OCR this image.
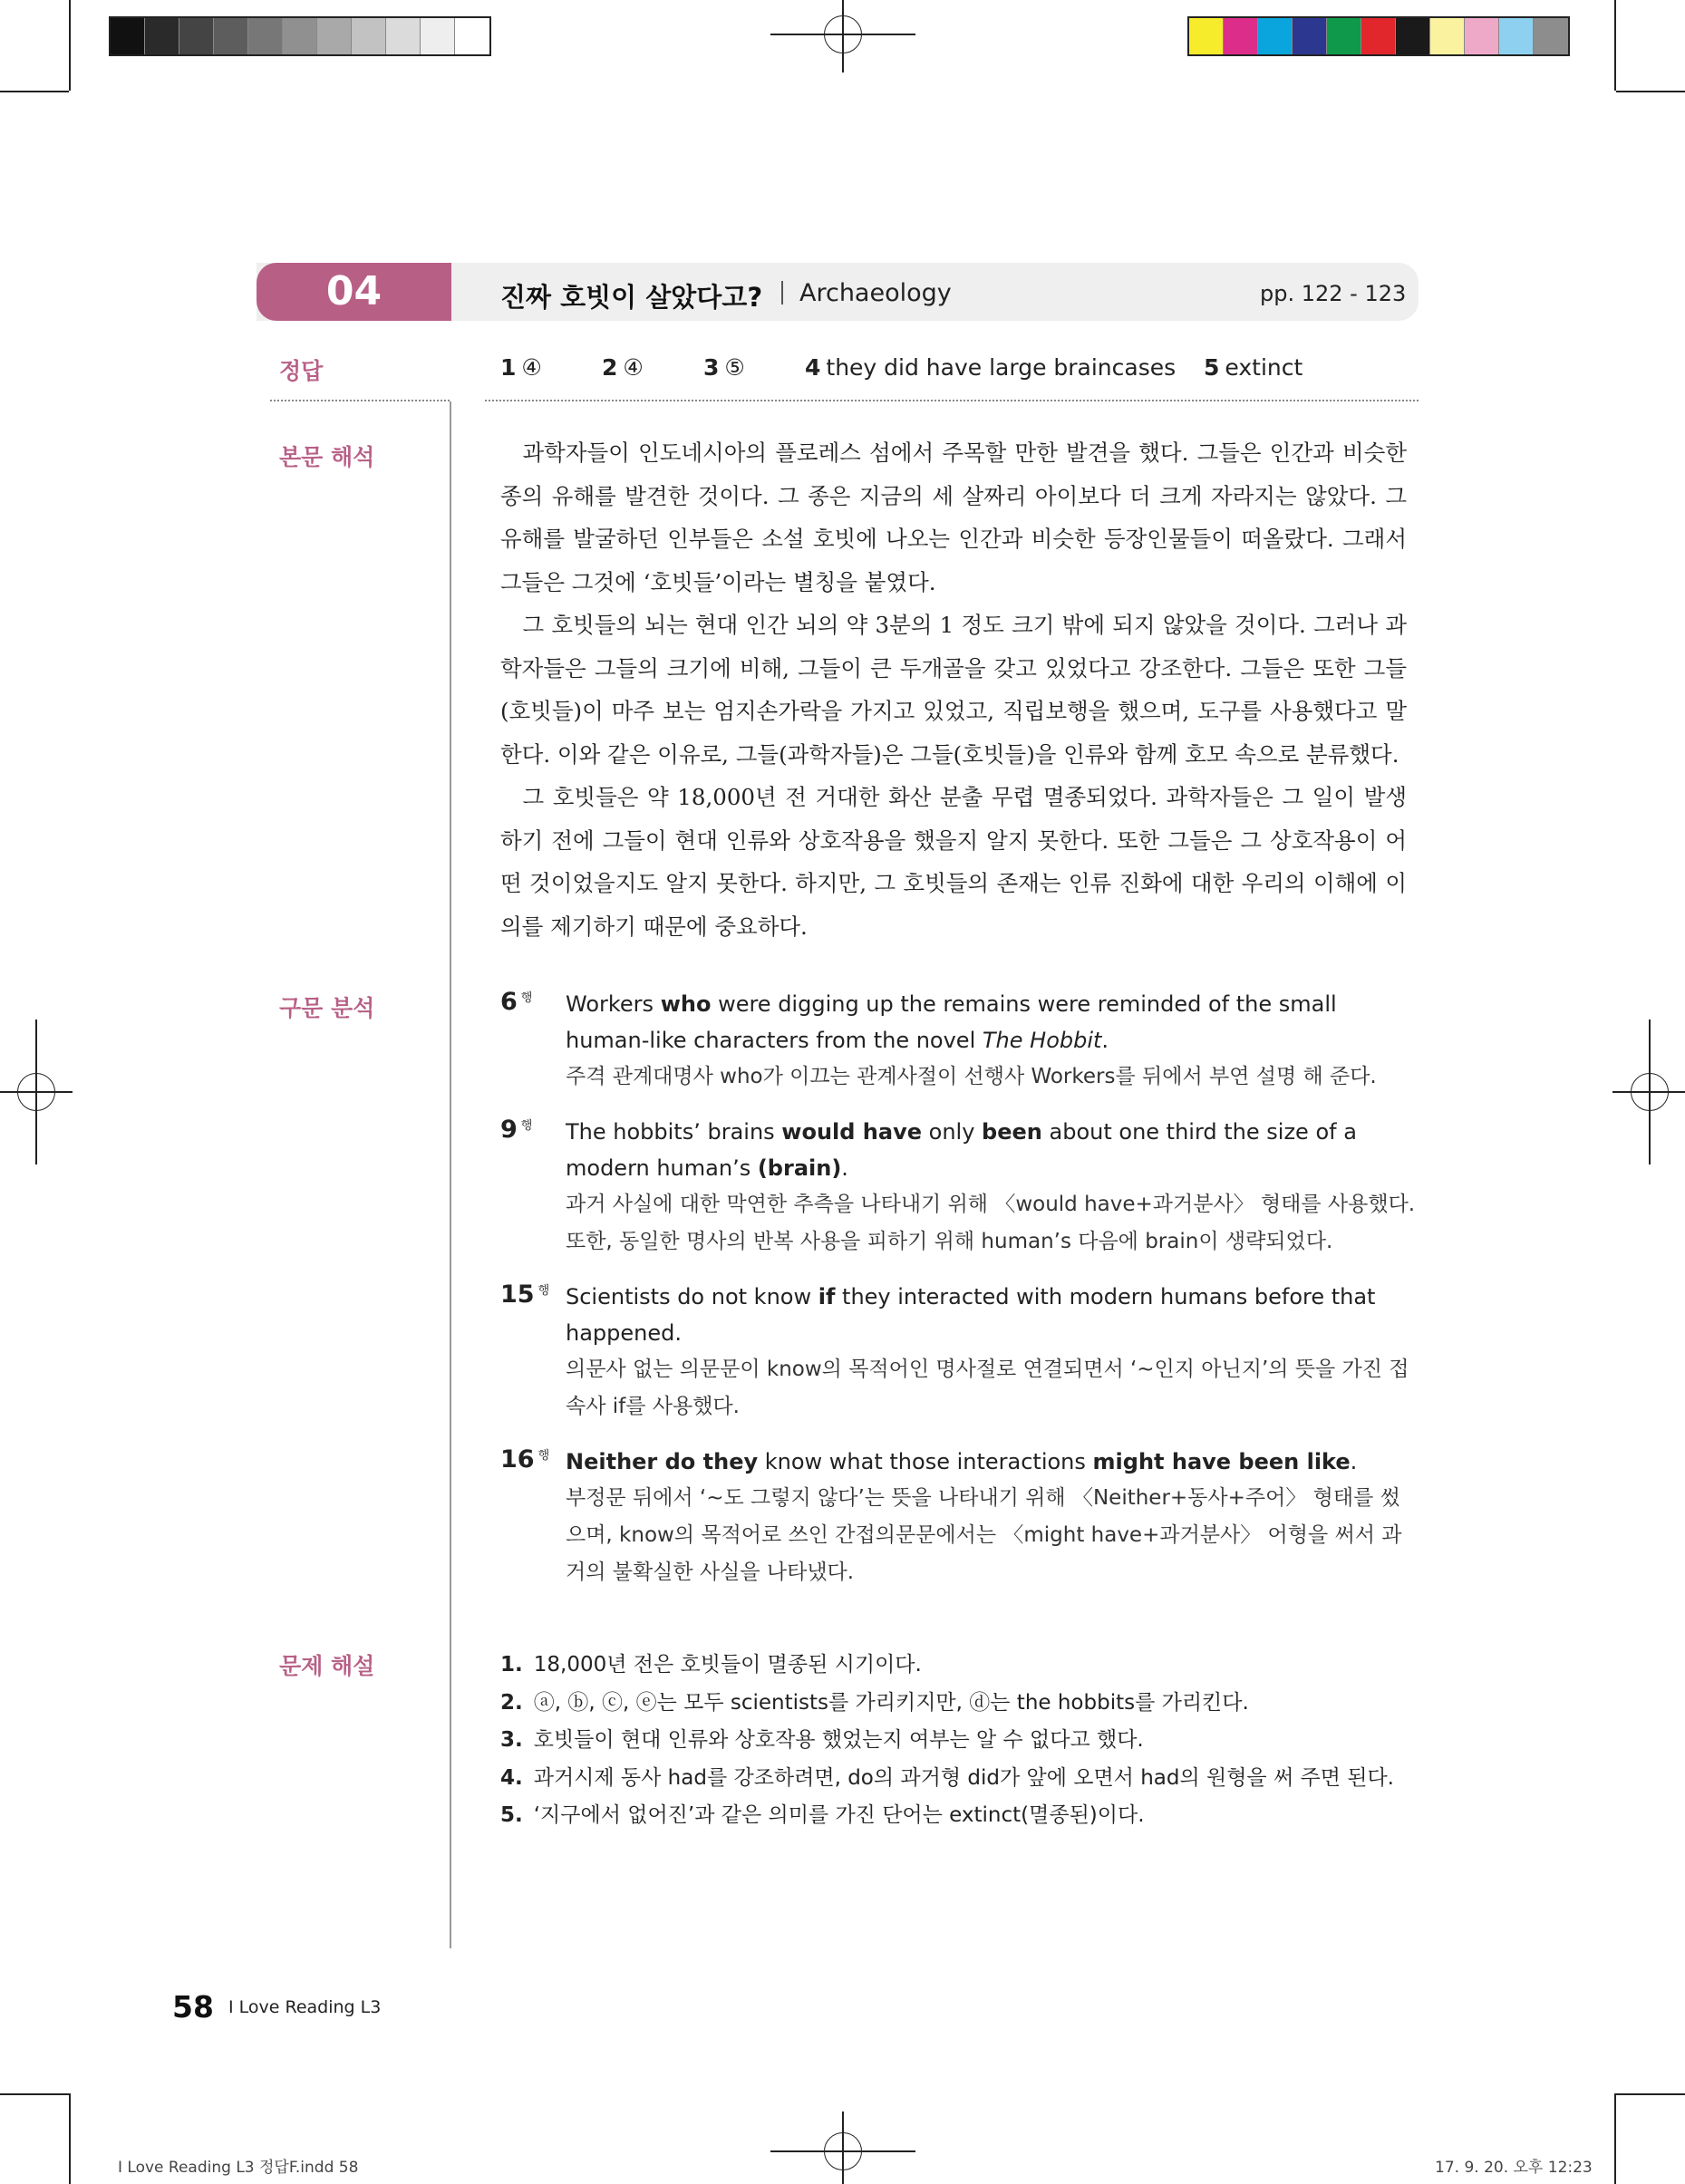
04	진짜 호빗이 살았다고? Archaeology	pp. 122 - 123
정답
본문 해석
구문 분석
문제 해설
1 ④	2 ④	3 ⑤	4 they did have large braincases 5 extinct

과학자들이 인도네시아의 플로레스 섬에서 주목할 만한 발견을 했다. 그들은 인간과 비슷한 종의 유해를 발견한 것이다. 그 종은 지금의 세 살짜리 아이보다 더 크게 자라지는 않았다. 그 유해를 발굴하던 인부들은 소설 호빗에 나오는 인간과 비슷한 등장인물들이 떠올랐다. 그래서 그들은 그것에 ‘호빗들’이라는 별칭을 붙였다.

그 호빗들의 뇌는 현대 인간 뇌의 약 3분의 1 정도 크기 밖에 되지 않았을 것이다. 그러나 과학자들은 그들의 크기에 비해, 그들이 큰 두개골을 갖고 있었다고 강조한다. 그들은 또한 그들(호빗들)이 마주 보는 엄지손가락을 가지고 있었고, 직립보행을 했으며, 도구를 사용했다고 말한다. 이와 같은 이유로, 그들(과학자들)은 그들(호빗들)을 인류와 함께 호모 속으로 분류했다.

그 호빗들은 약 18,000년 전 거대한 화산 분출 무렵 멸종되었다. 과학자들은 그 일이 발생하기 전에 그들이 현대 인류와 상호작용을 했을지 알지 못한다. 또한 그들은 그 상호작용이 어떤 것이었을지도 알지 못한다. 하지만, 그 호빗들의 존재는 인류 진화에 대한 우리의 이해에 이의를 제기하기 때문에 중요하다.

6 $^행$ Workers who were digging up the remains were reminded of the small human-like characters from the novel The Hobbit.
주격 관계대명사 who가 이끄는 관계사절이 선행사 Workers를 뒤에서 부연 설명 해 준다.
9 $^행$ The hobbits’ brains would have only been about one third the size of a modern human’s (brain).
과거 사실에 대한 막연한 추측을 나타내기 위해 〈would have+과거분사〉 형태를 사용했다.
또한, 동일한 명사의 반복 사용을 피하기 위해 human’s 다음에 brain이 생략되었다.
15 $^행$ Scientists do not know if they interacted with modern humans before that happened.
의문사 없는 의문문이 know의 목적어인 명사절로 연결되면서 ‘~인지 아닌지’의 뜻을 가진 접속사 if를 사용했다.
16 $^행$ Neither do they know what those interactions might have been like.
부정문 뒤에서 ‘~도 그렇지 않다’는 뜻을 나타내기 위해 〈Neither+동사+주어〉 형태를 썼으며, know의 목적어로 쓰인 간접의문문에서는 〈might have+과거분사〉 어형을 써서 과거의 불확실한 사실을 나타냈다.
1. 18,000년 전은 호빗들이 멸종된 시기이다.
2. ⓐ, ⓑ, ⓒ, ⓔ는 모두 scientists를 가리키지만, ⓓ는 the hobbits를 가리킨다.
3. 호빗들이 현대 인류와 상호작용 했었는지 여부는 알 수 없다고 했다.
4. 과거시제 동사 had를 강조하려면, do의 과거형 did가 앞에 오면서 had의 원형을 써 주면 된다.
5. ‘지구에서 없어진’과 같은 의미를 가진 단어는 extinct(멸종된)이다.
58 I Love Reading L3
I Love Reading L3 정답F.indd 58	17. 9. 20. 오후 12:23
